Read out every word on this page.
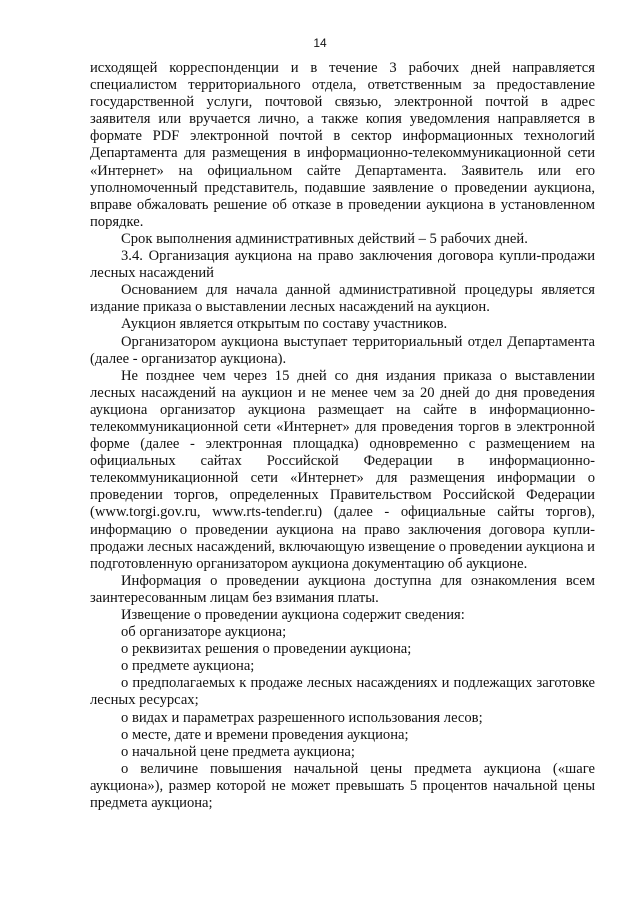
14

исходящей корреспонденции и в течение 3 рабочих дней направляется специалистом территориального отдела, ответственным за предоставление государственной услуги, почтовой связью, электронной почтой в адрес заявителя или вручается лично, а также копия уведомления направляется в формате PDF электронной почтой в сектор информационных технологий Департамента для размещения в информационно-телекоммуникационной сети «Интернет» на официальном сайте Департамента. Заявитель или его уполномоченный представитель, подавшие заявление о проведении аукциона, вправе обжаловать решение об отказе в проведении аукциона в установленном порядке.

Срок выполнения административных действий – 5 рабочих дней.

3.4. Организация аукциона на право заключения договора купли-продажи лесных насаждений

Основанием для начала данной административной процедуры является издание приказа о выставлении лесных насаждений на аукцион.

Аукцион является открытым по составу участников.

Организатором аукциона выступает территориальный отдел Департамента (далее - организатор аукциона).

Не позднее чем через 15 дней со дня издания приказа о выставлении лесных насаждений на аукцион и не менее чем за 20 дней до дня проведения аукциона организатор аукциона размещает на сайте в информационно-телекоммуникационной сети «Интернет» для проведения торгов в электронной форме (далее - электронная площадка) одновременно с размещением на официальных сайтах Российской Федерации в информационно-телекоммуникационной сети «Интернет» для размещения информации о проведении торгов, определенных Правительством Российской Федерации (www.torgi.gov.ru, www.rts-tender.ru) (далее - официальные сайты торгов), информацию о проведении аукциона на право заключения договора купли-продажи лесных насаждений, включающую извещение о проведении аукциона и подготовленную организатором аукциона документацию об аукционе.

Информация о проведении аукциона доступна для ознакомления всем заинтересованным лицам без взимания платы.

Извещение о проведении аукциона содержит сведения:

об организаторе аукциона;

о реквизитах решения о проведении аукциона;

о предмете аукциона;

о предполагаемых к продаже лесных насаждениях и подлежащих заготовке лесных ресурсах;

о видах и параметрах разрешенного использования лесов;

о месте, дате и времени проведения аукциона;

о начальной цене предмета аукциона;

о величине повышения начальной цены предмета аукциона («шаге аукциона»), размер которой не может превышать 5 процентов начальной цены предмета аукциона;
